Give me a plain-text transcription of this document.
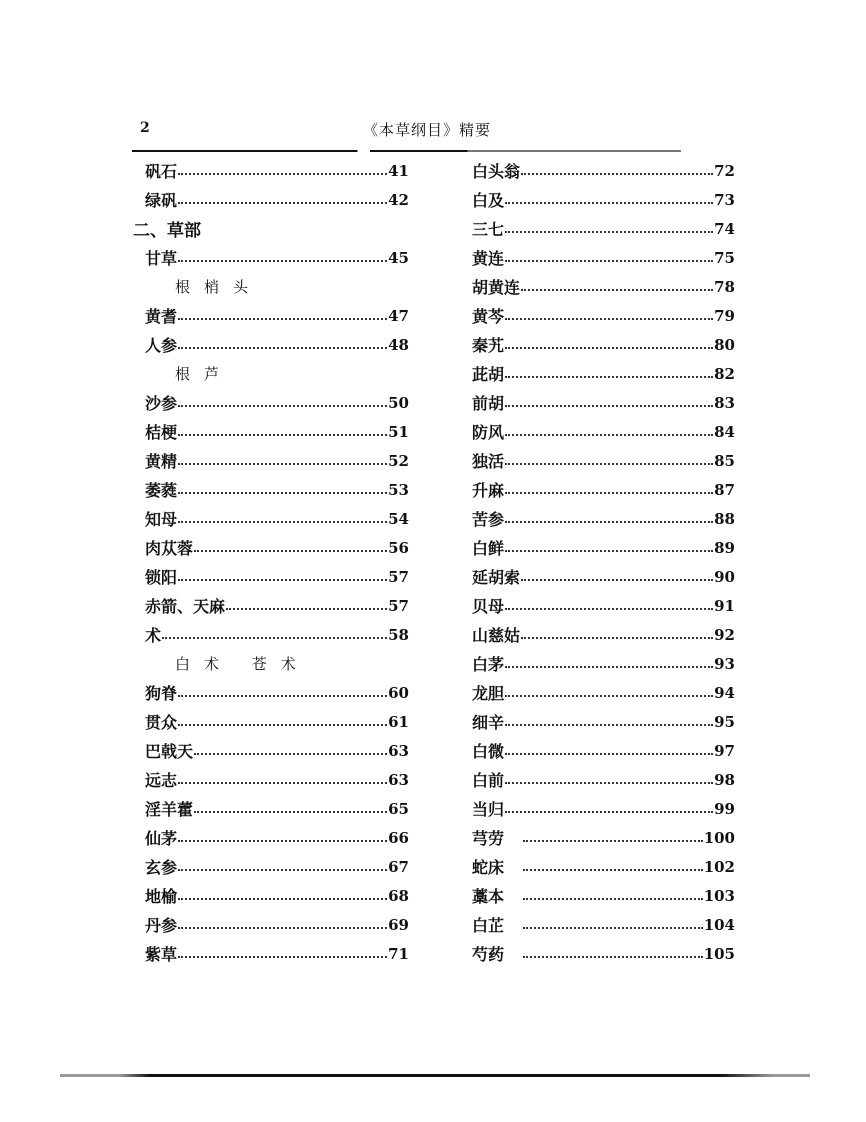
2	《本草纲目》精要
矾石	41
绿矾	42
二、草部
甘草	45
根梢头
黄耆	47
人参	48
根芦
沙参	50
桔梗	51
黄精	52
萎蕤	53
知母	54
肉苁蓉	56
锁阳	57
赤箭、天麻	57
术	58
白术 苍术
狗脊	60
贯众	61
巴戟天	63
远志	63
淫羊藿	65
仙茅	66
玄参	67
地榆	68
丹参	69
紫草	71
白头翁	72
白及	73
三七	74
黄连	75
胡黄连	78
黄芩	79
秦艽	80
茈胡	82
前胡	83
防风	84
独活	85
升麻	87
苦参	88
白鲜	89
延胡索	90
贝母	91
山慈姑	92
白茅	93
龙胆	94
细辛	95
白微	97
白前	98
当归	99
芎劳	100
蛇床	102
藁本	103
白芷	104
芍药	105
